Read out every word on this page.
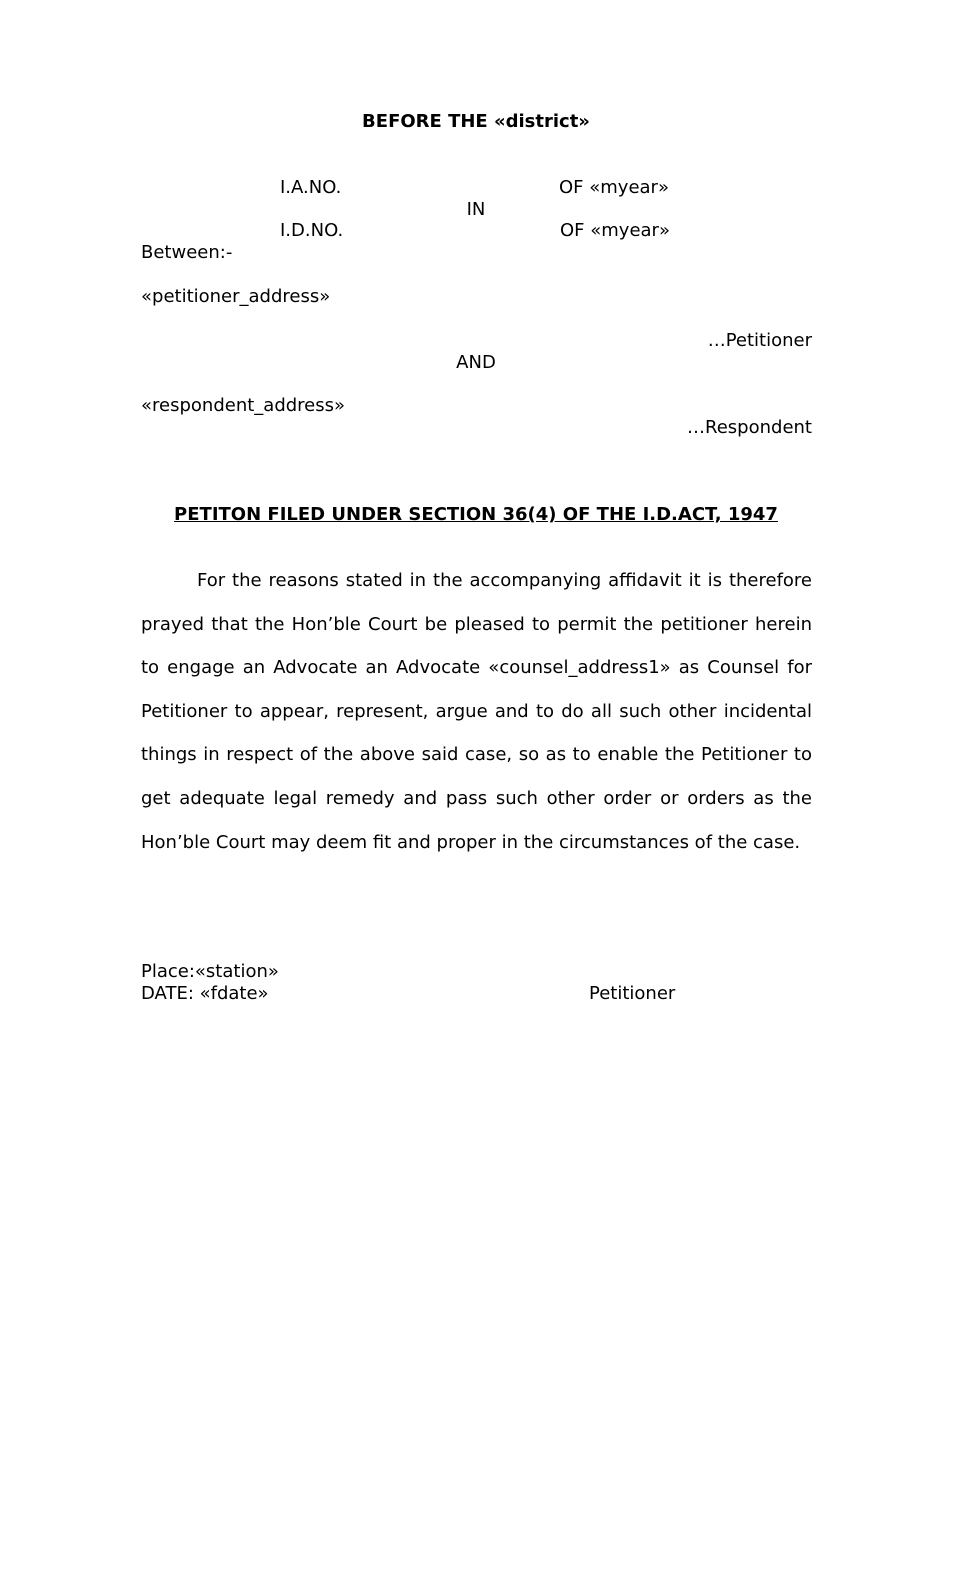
BEFORE THE «district»
I.A.NO.	OF «myear»
IN
I.D.NO.	OF «myear»
Between:-
«petitioner_address»
…Petitioner
AND
«respondent_address»
…Respondent
PETITON FILED UNDER SECTION 36(4) OF THE I.D.ACT, 1947

For the reasons stated in the accompanying affidavit it is therefore prayed that the Hon’ble Court be pleased to permit the petitioner herein to engage an Advocate an Advocate «counsel_address1» as Counsel for Petitioner to appear, represent, argue and to do all such other incidental things in respect of the above said case, so as to enable the Petitioner to get adequate legal remedy and pass such other order or orders as the Hon’ble Court may deem fit and proper in the circumstances of the case.

Place:«station»
DATE: «fdate»	Petitioner
